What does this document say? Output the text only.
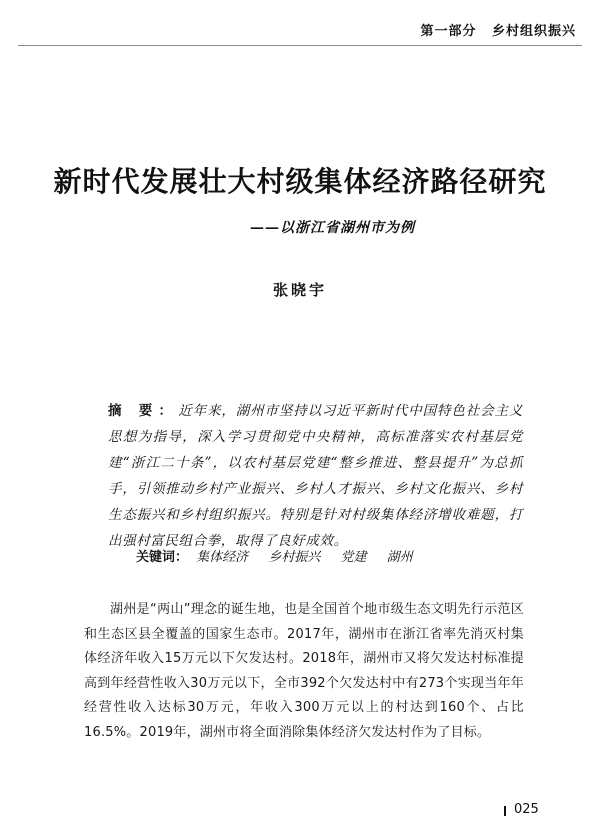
第一部分 乡村组织振兴
新时代发展壮大村级集体经济路径研究
——以浙江省湖州市为例
张晓宇
摘 要：近年来，湖州市坚持以习近平新时代中国特色社会主义思想为指导，深入学习贯彻党中央精神，高标准落实农村基层党建“浙江二十条”，以农村基层党建“整乡推进、整县提升”为总抓手，引领推动乡村产业振兴、乡村人才振兴、乡村文化振兴、乡村生态振兴和乡村组织振兴。特别是针对村级集体经济增收难题，打出强村富民组合拳，取得了良好成效。
关键词： 集体经济 乡村振兴 党建 湖州
湖州是“两山”理念的诞生地，也是全国首个地市级生态文明先行示范区和生态区县全覆盖的国家生态市。2017年，湖州市在浙江省率先消灭村集体经济年收入15万元以下欠发达村。2018年，湖州市又将欠发达村标准提高到年经营性收入30万元以下，全市392个欠发达村中有273个实现当年年经营性收入达标30万元，年收入300万元以上的村达到160个、占比16.5%。2019年，湖州市将全面消除集体经济欠发达村作为了目标。
025
